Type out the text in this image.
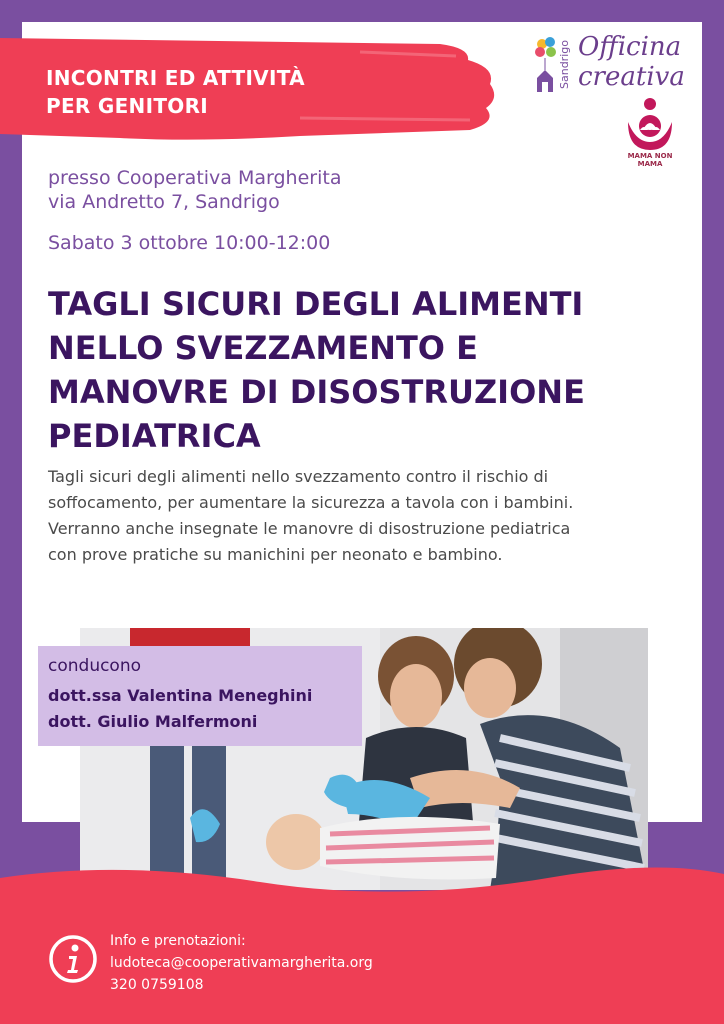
INCONTRI ED ATTIVITÀ
PER GENITORI
Sandrigo Officina
creativa
MAMA NON MAMA
presso Cooperativa Margherita
via Andretto 7, Sandrigo
Sabato 3 ottobre 10:00-12:00
TAGLI SICURI DEGLI ALIMENTI
NELLO SVEZZAMENTO E
MANOVRE DI DISOSTRUZIONE
PEDIATRICA
Tagli sicuri degli alimenti nello svezzamento contro il rischio di
soffocamento, per aumentare la sicurezza a tavola con i bambini.
Verranno anche insegnate le manovre di disostruzione pediatrica
con prove pratiche su manichini per neonato e bambino.
conducono
dott.ssa Valentina Meneghini
dott. Giulio Malfermoni
Info e prenotazioni:
ludoteca@cooperativamargherita.org
320 0759108
